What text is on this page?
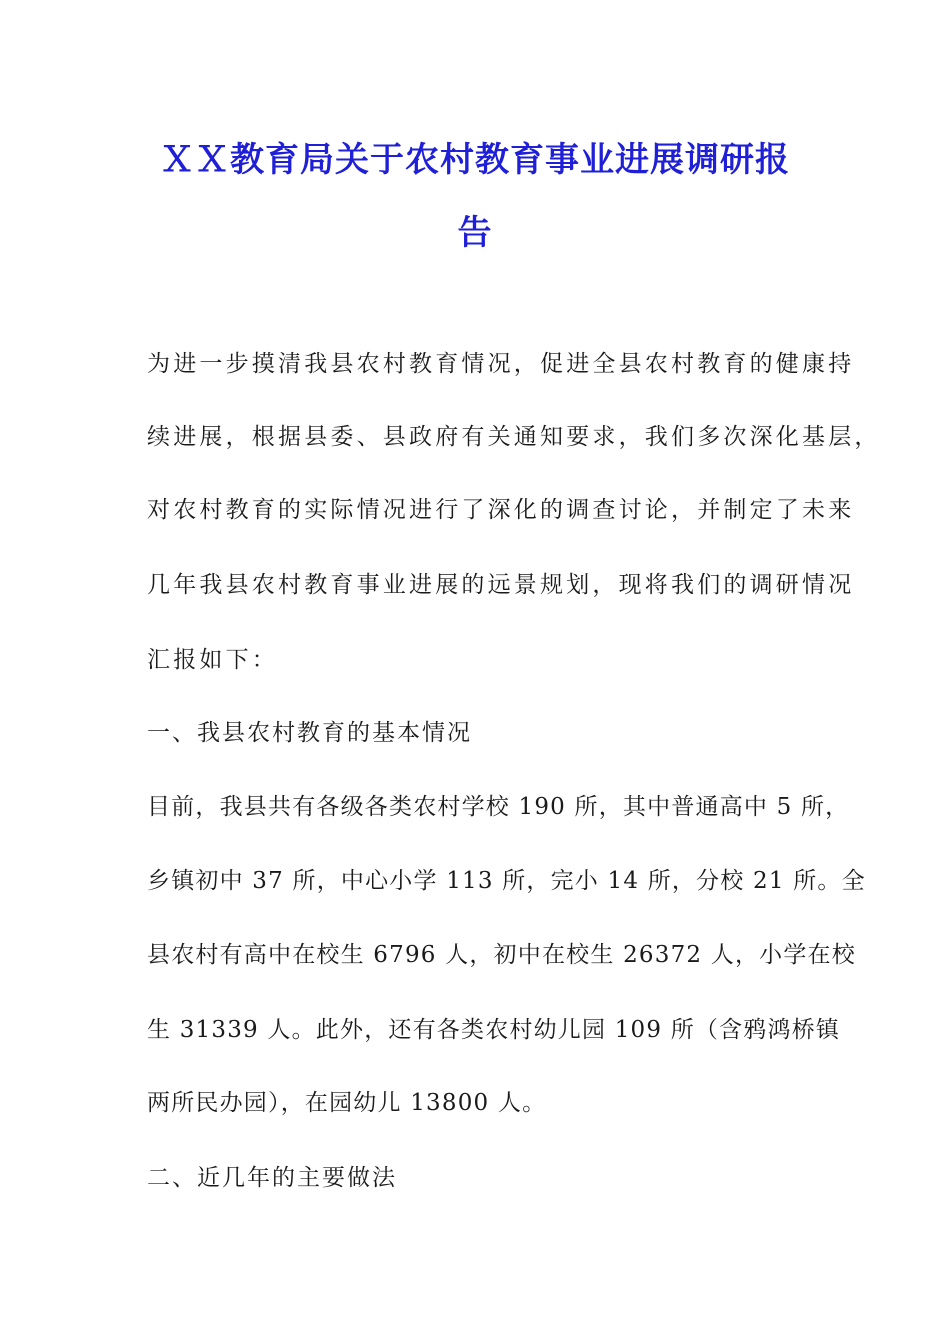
ＸＸ教育局关于农村教育事业进展调研报
告
为进一步摸清我县农村教育情况，促进全县农村教育的健康持
续进展，根据县委、县政府有关通知要求，我们多次深化基层，
对农村教育的实际情况进行了深化的调查讨论，并制定了未来
几年我县农村教育事业进展的远景规划，现将我们的调研情况
汇报如下：
一、我县农村教育的基本情况
目前，我县共有各级各类农村学校 190 所，其中普通高中 5 所，
乡镇初中 37 所，中心小学 113 所，完小 14 所，分校 21 所。全
县农村有高中在校生 6796 人，初中在校生 26372 人，小学在校
生 31339 人。此外，还有各类农村幼儿园 109 所（含鸦鸿桥镇
两所民办园），在园幼儿 13800 人。
二、近几年的主要做法
